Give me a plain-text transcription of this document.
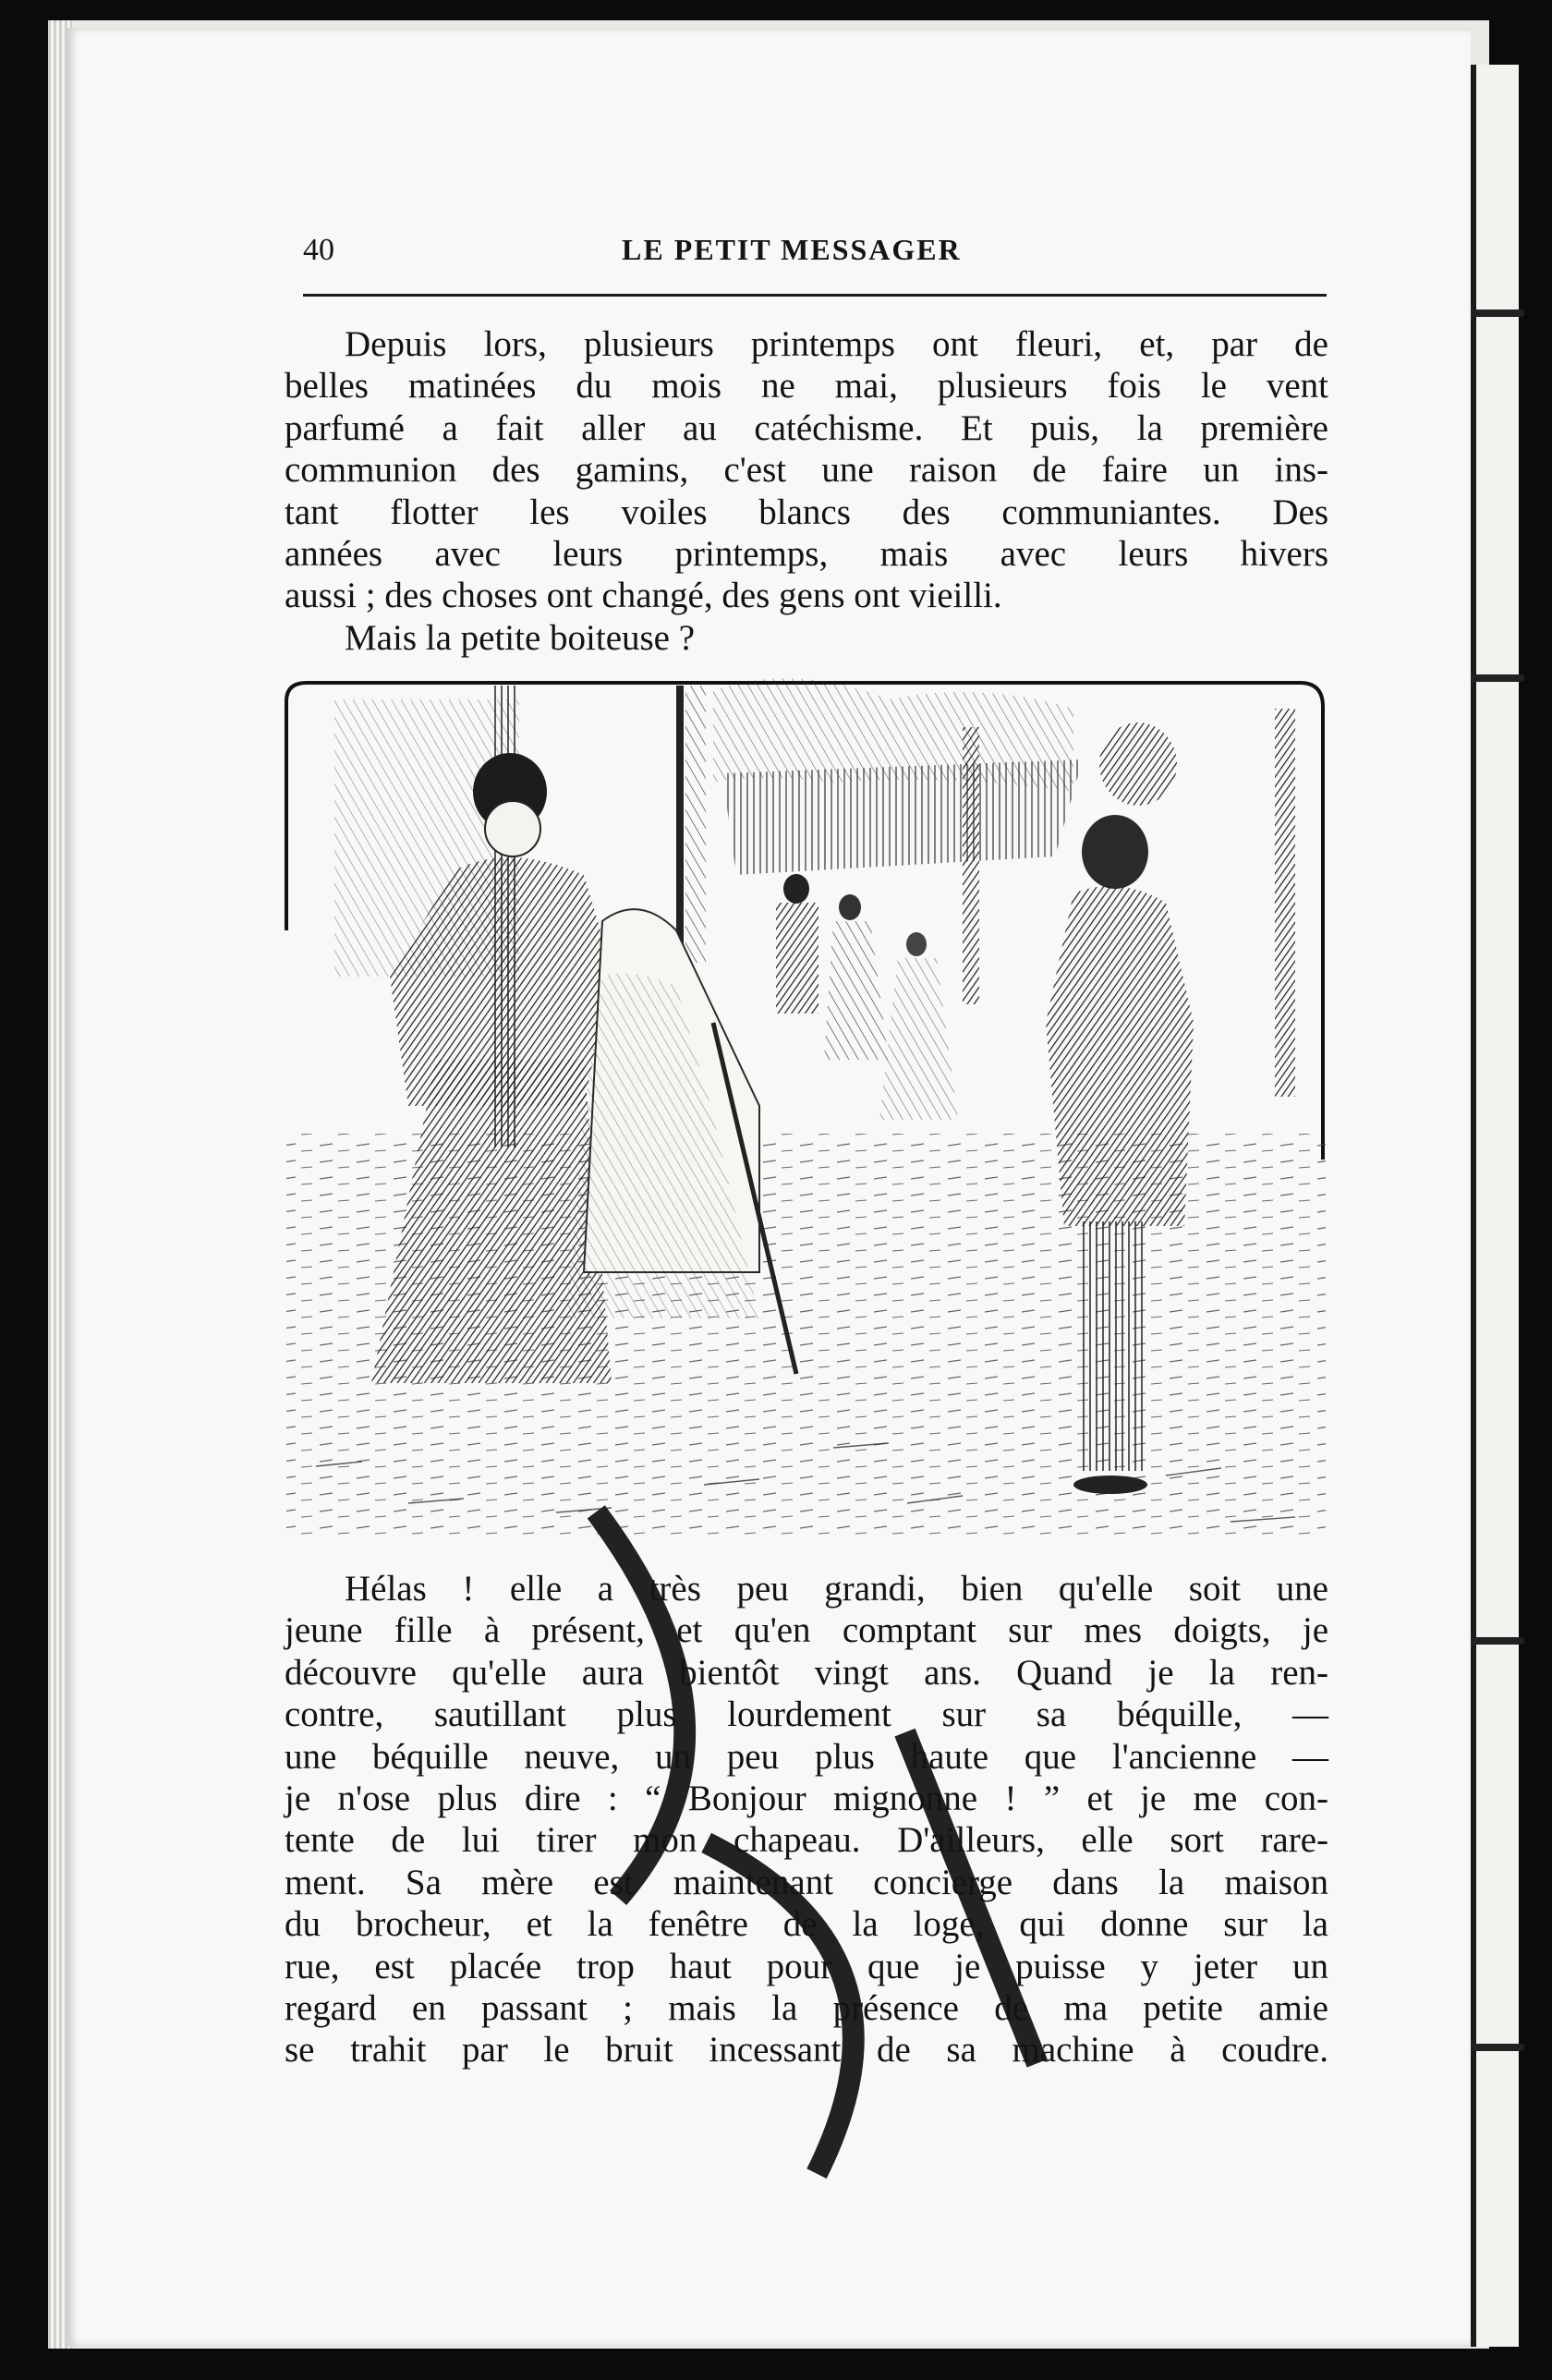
40	LE PETIT MESSAGER
Depuis lors, plusieurs printemps ont fleuri, et, par de
belles matinées du mois ne mai, plusieurs fois le vent
parfumé a fait aller au catéchisme. Et puis, la première
communion des gamins, c'est une raison de faire un ins-
tant flotter les voiles blancs des communiantes. Des
années avec leurs printemps, mais avec leurs hivers
aussi ; des choses ont changé, des gens ont vieilli.
Mais la petite boiteuse ?
Hélas ! elle a très peu grandi, bien qu'elle soit une
jeune fille à présent, et qu'en comptant sur mes doigts, je
découvre qu'elle aura bientôt vingt ans. Quand je la ren-
contre, sautillant plus lourdement sur sa béquille, —
une béquille neuve, un peu plus haute que l'ancienne —
je n'ose plus dire : “ Bonjour mignonne ! ” et je me con-
tente de lui tirer mon chapeau. D'ailleurs, elle sort rare-
ment. Sa mère est maintenant concierge dans la maison
du brocheur, et la fenêtre de la loge, qui donne sur la
rue, est placée trop haut pour que je puisse y jeter un
regard en passant ; mais la présence de ma petite amie
se trahit par le bruit incessant de sa machine à coudre.
